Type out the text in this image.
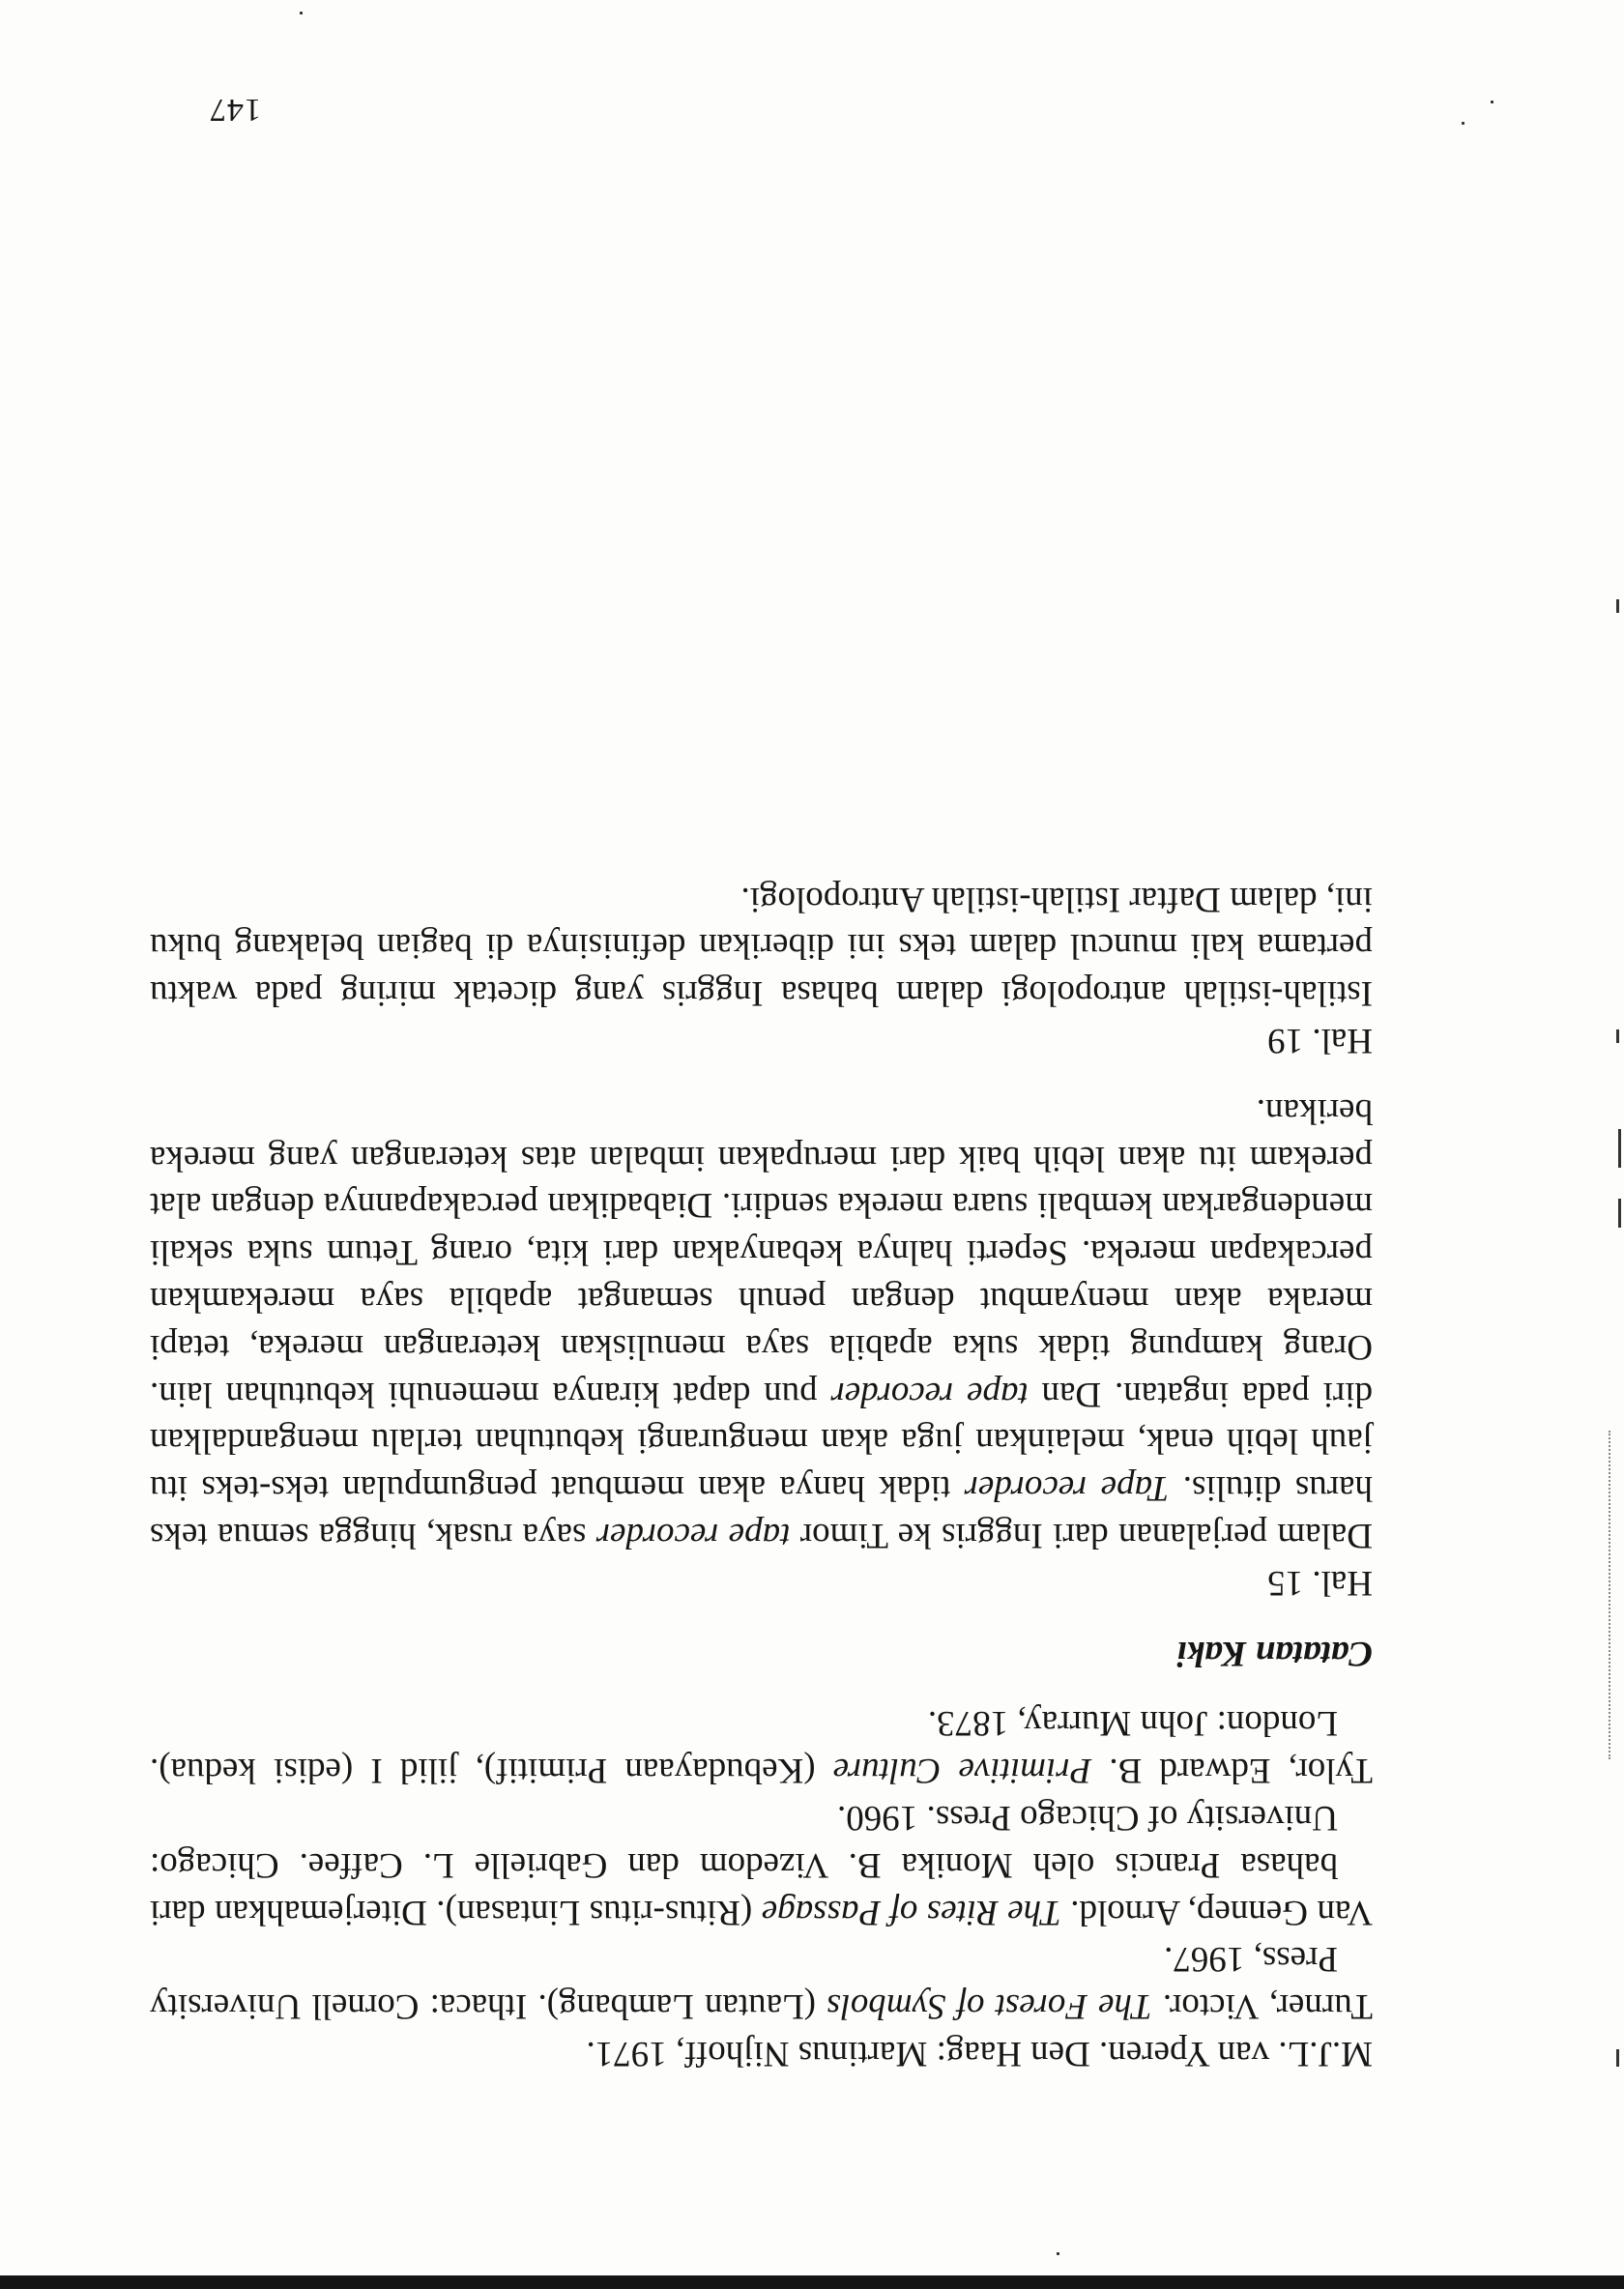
147

M.J.L. van Yperen. Den Haag: Martinus Nijhoff, 1971.

Turner, Victor. The Forest of Symbols (Lautan Lambang). Ithaca: Cornell University Press, 1967.

Van Gennep, Arnold. The Rites of Passage (Ritus-ritus Lintasan). Diterjemahkan dari bahasa Prancis oleh Monika B. Vizedom dan Gabrielle L. Caffee. Chicago: University of Chicago Press. 1960.

Tylor, Edward B. Primitive Culture (Kebudayaan Primitif), jilid I (edisi kedua). London: John Murray, 1873.

Catatan Kaki

Hal. 15

Dalam perjalanan dari Inggris ke Timor tape recorder saya rusak, hingga semua teks harus ditulis. Tape recorder tidak hanya akan membuat pengumpulan teks-teks itu jauh lebih enak, melainkan juga akan mengurangi kebutuhan terlalu mengandalkan diri pada ingatan. Dan tape recorder pun dapat kiranya memenuhi kebutuhan lain. Orang kampung tidak suka apabila saya menuliskan keterangan mereka, tetapi meraka akan menyambut dengan penuh semangat apabila saya merekamkan percakapan mereka. Seperti halnya kebanyakan dari kita, orang Tetum suka sekali mendengarkan kembali suara mereka sendiri. Diabadikan percakapannya dengan alat perekam itu akan lebih baik dari merupakan imbalan atas keterangan yang mereka berikan.

Hal. 19

Istilah-istilah antropologi dalam bahasa Inggris yang dicetak miring pada waktu pertama kali muncul dalam teks ini diberikan definisinya di bagian belakang buku ini, dalam Daftar Istilah-istilah Antropologi.
